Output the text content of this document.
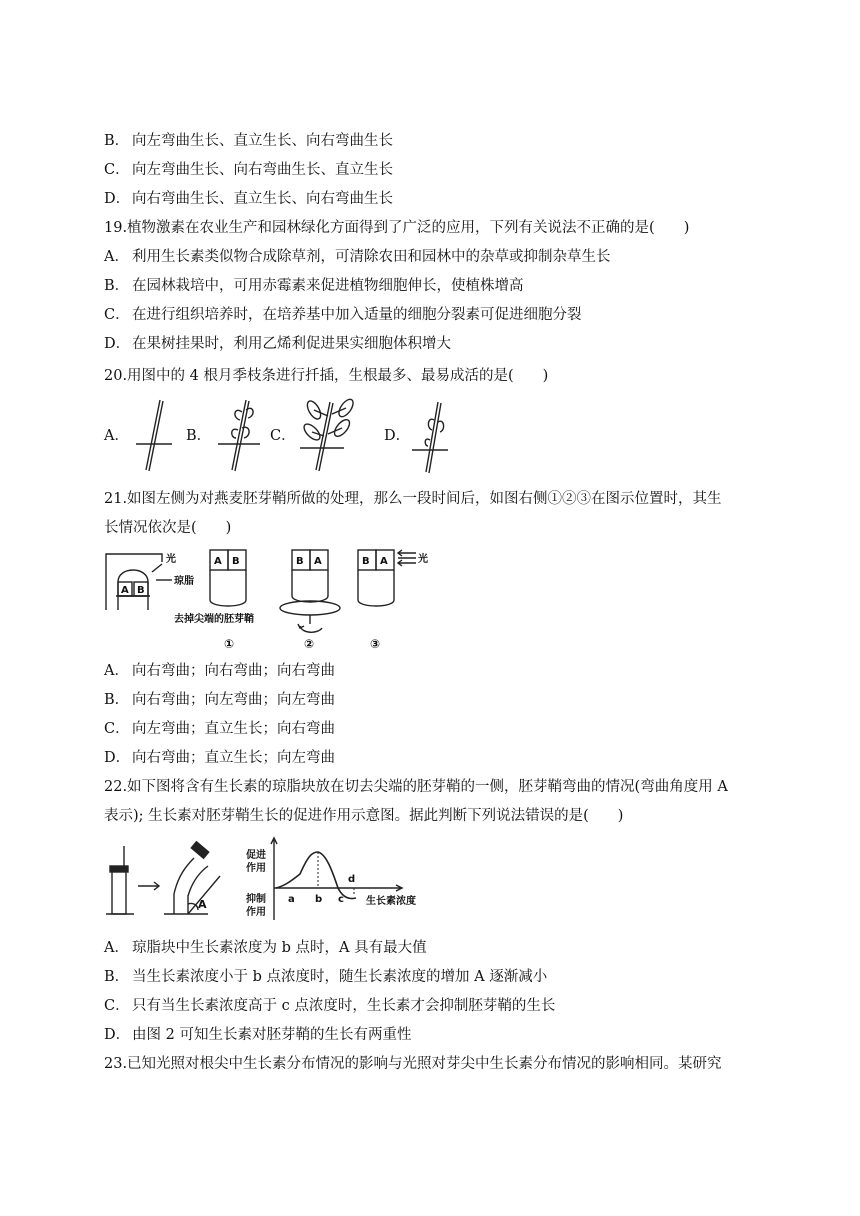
B． 向左弯曲生长、直立生长、向右弯曲生长
C． 向左弯曲生长、向右弯曲生长、直立生长
D． 向右弯曲生长、直立生长、向右弯曲生长
19.植物激素在农业生产和园林绿化方面得到了广泛的应用，下列有关说法不正确的是(　　)
A． 利用生长素类似物合成除草剂，可清除农田和园林中的杂草或抑制杂草生长
B． 在园林栽培中，可用赤霉素来促进植物细胞伸长，使植株增高
C． 在进行组织培养时，在培养基中加入适量的细胞分裂素可促进细胞分裂
D． 在果树挂果时，利用乙烯利促进果实细胞体积增大
20.用图中的 4 根月季枝条进行扦插，生根最多、最易成活的是(　　)
A．	B．	C．	D．
21.如图左侧为对燕麦胚芽鞘所做的处理，那么一段时间后，如图右侧①②③在图示位置时，其生
长情况依次是(　　)
A B
光
琼脂
A B	B A	B A	光
去掉尖端的胚芽鞘
①	②	③
A． 向右弯曲；向右弯曲；向右弯曲
B． 向右弯曲；向左弯曲；向左弯曲
C． 向左弯曲；直立生长；向右弯曲
D． 向右弯曲；直立生长；向左弯曲
22.如下图将含有生长素的琼脂块放在切去尖端的胚芽鞘的一侧，胚芽鞘弯曲的情况(弯曲角度用 A
表示); 生长素对胚芽鞘生长的促进作用示意图。据此判断下列说法错误的是(　　)
A
促进
作用
抑制
作用
a b c
d
生长素浓度
A． 琼脂块中生长素浓度为 b 点时，A 具有最大值
B． 当生长素浓度小于 b 点浓度时，随生长素浓度的增加 A 逐渐减小
C． 只有当生长素浓度高于 c 点浓度时，生长素才会抑制胚芽鞘的生长
D． 由图 2 可知生长素对胚芽鞘的生长有两重性
23.已知光照对根尖中生长素分布情况的影响与光照对芽尖中生长素分布情况的影响相同。某研究
